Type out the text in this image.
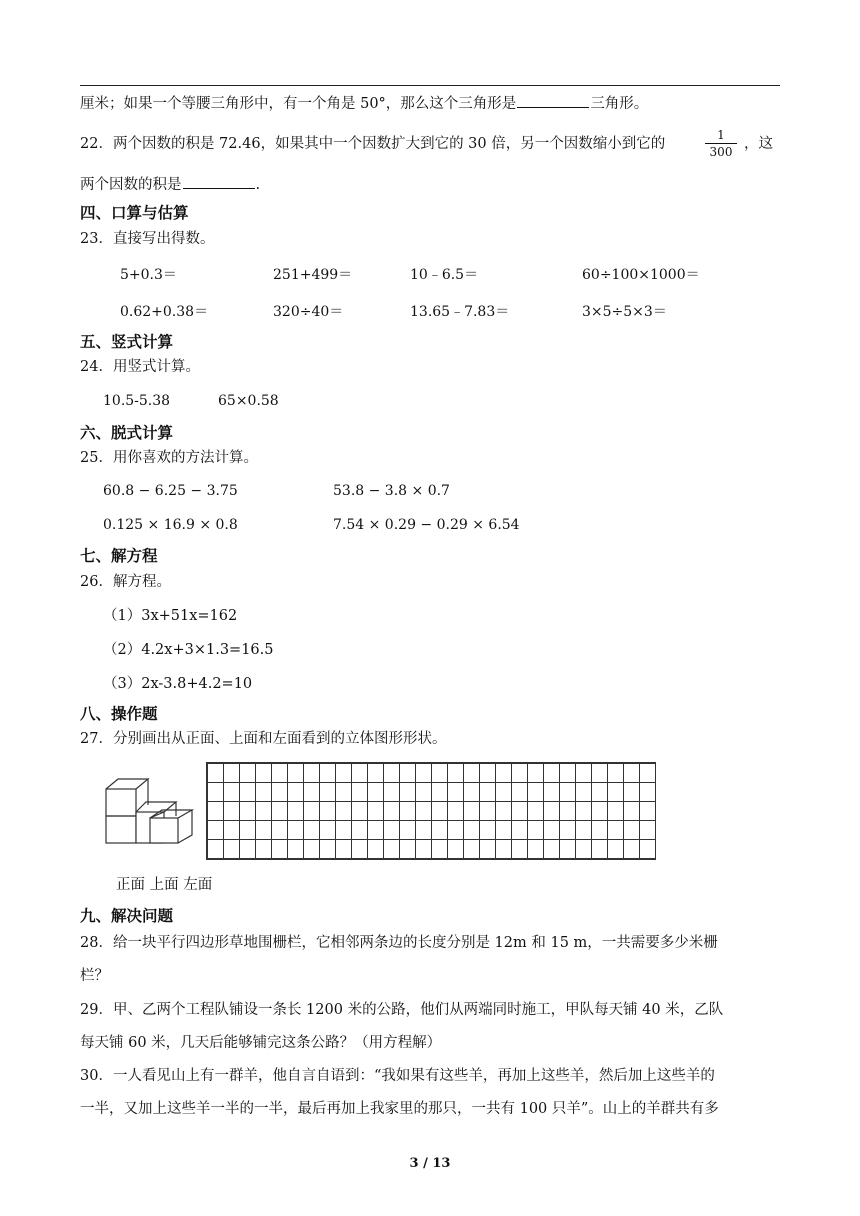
厘米；如果一个等腰三角形中，有一个角是 50°，那么这个三角形是	三角形。
22．两个因数的积是 72.46，如果其中一个因数扩大到它的 30 倍，另一个因数缩小到它的
1
300 ，这
两个因数的积是	.
四、口算与估算
23．直接写出得数。
5+0.3＝	251+499＝	10﹣6.5＝	60÷100×1000＝
0.62+0.38＝	320÷40＝	13.65﹣7.83＝	3×5÷5×3＝
五、竖式计算
24．用竖式计算。
10.5-5.38	65×0.58
六、脱式计算
25．用你喜欢的方法计算。
60.8 − 6.25 − 3.75	53.8 − 3.8 × 0.7
0.125 × 16.9 × 0.8	7.54 × 0.29 − 0.29 × 6.54
七、解方程
26．解方程。
（1）3x+51x=162
（2）4.2x+3×1.3=16.5
（3）2x-3.8+4.2=10
八、操作题
27．分别画出从正面、上面和左面看到的立体图形形状。
正面 上面 左面
九、解决问题
28．给一块平行四边形草地围栅栏，它相邻两条边的长度分别是 12m 和 15 m，一共需要多少米栅
栏？
29．甲、乙两个工程队铺设一条长 1200 米的公路，他们从两端同时施工，甲队每天铺 40 米，乙队
每天铺 60 米，几天后能够铺完这条公路？（用方程解）
30．一人看见山上有一群羊，他自言自语到：“我如果有这些羊，再加上这些羊，然后加上这些羊的
一半，又加上这些羊一半的一半，最后再加上我家里的那只，一共有 100 只羊”。山上的羊群共有多
3 / 13
